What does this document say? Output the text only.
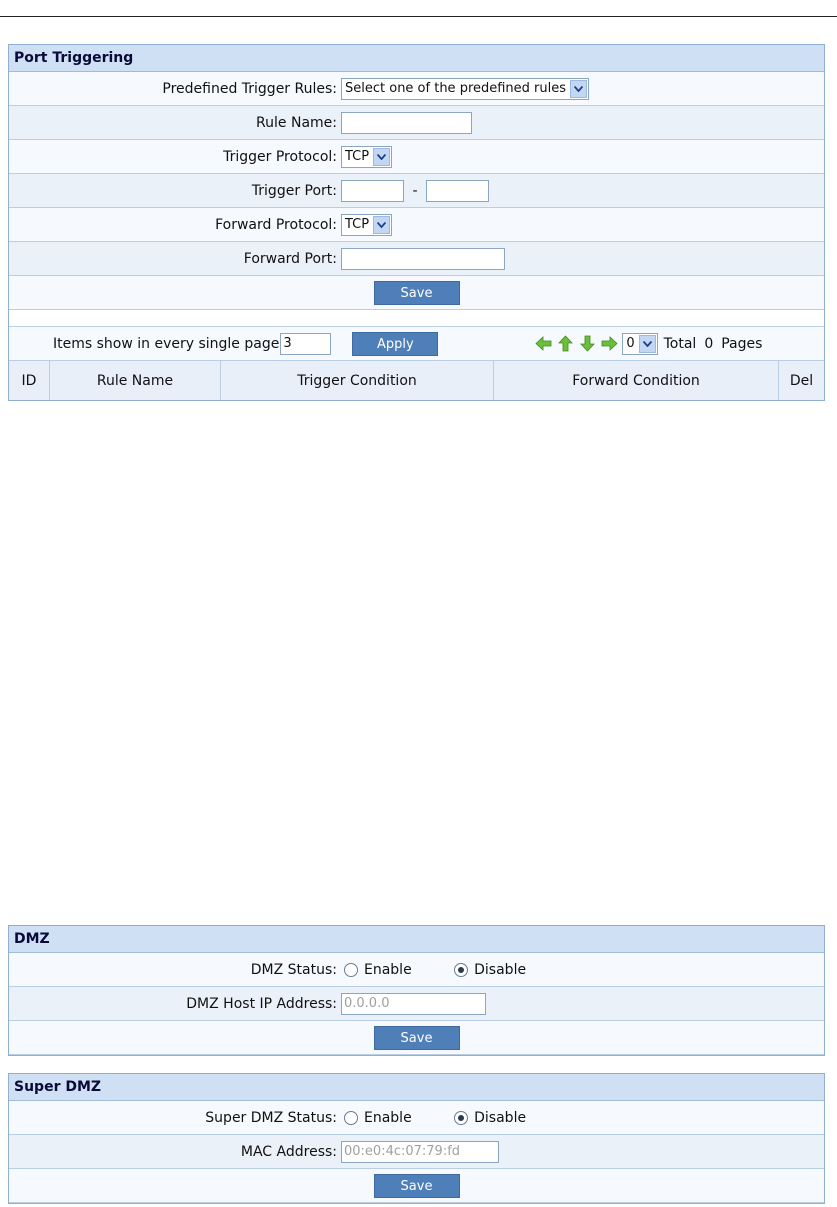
Port Triggering	
Predefined Trigger Rules:	Select one of the predefined rules

Rule Name:	
Trigger Protocol:	TCP

Trigger Port:	-
Forward Protocol:	TCP

Forward Port:	
Save	
Items show in every single page 3	Apply	0 Total 0 Pages
ID	Rule Name	Trigger Condition	Forward Condition	Del
DMZ	
DMZ Status:	Enable Disable
DMZ Host IP Address:	0.0.0.0
Save	
Super DMZ	
Super DMZ Status:	Enable Disable
MAC Address:	00:e0:4c:07:79:fd
Save	
